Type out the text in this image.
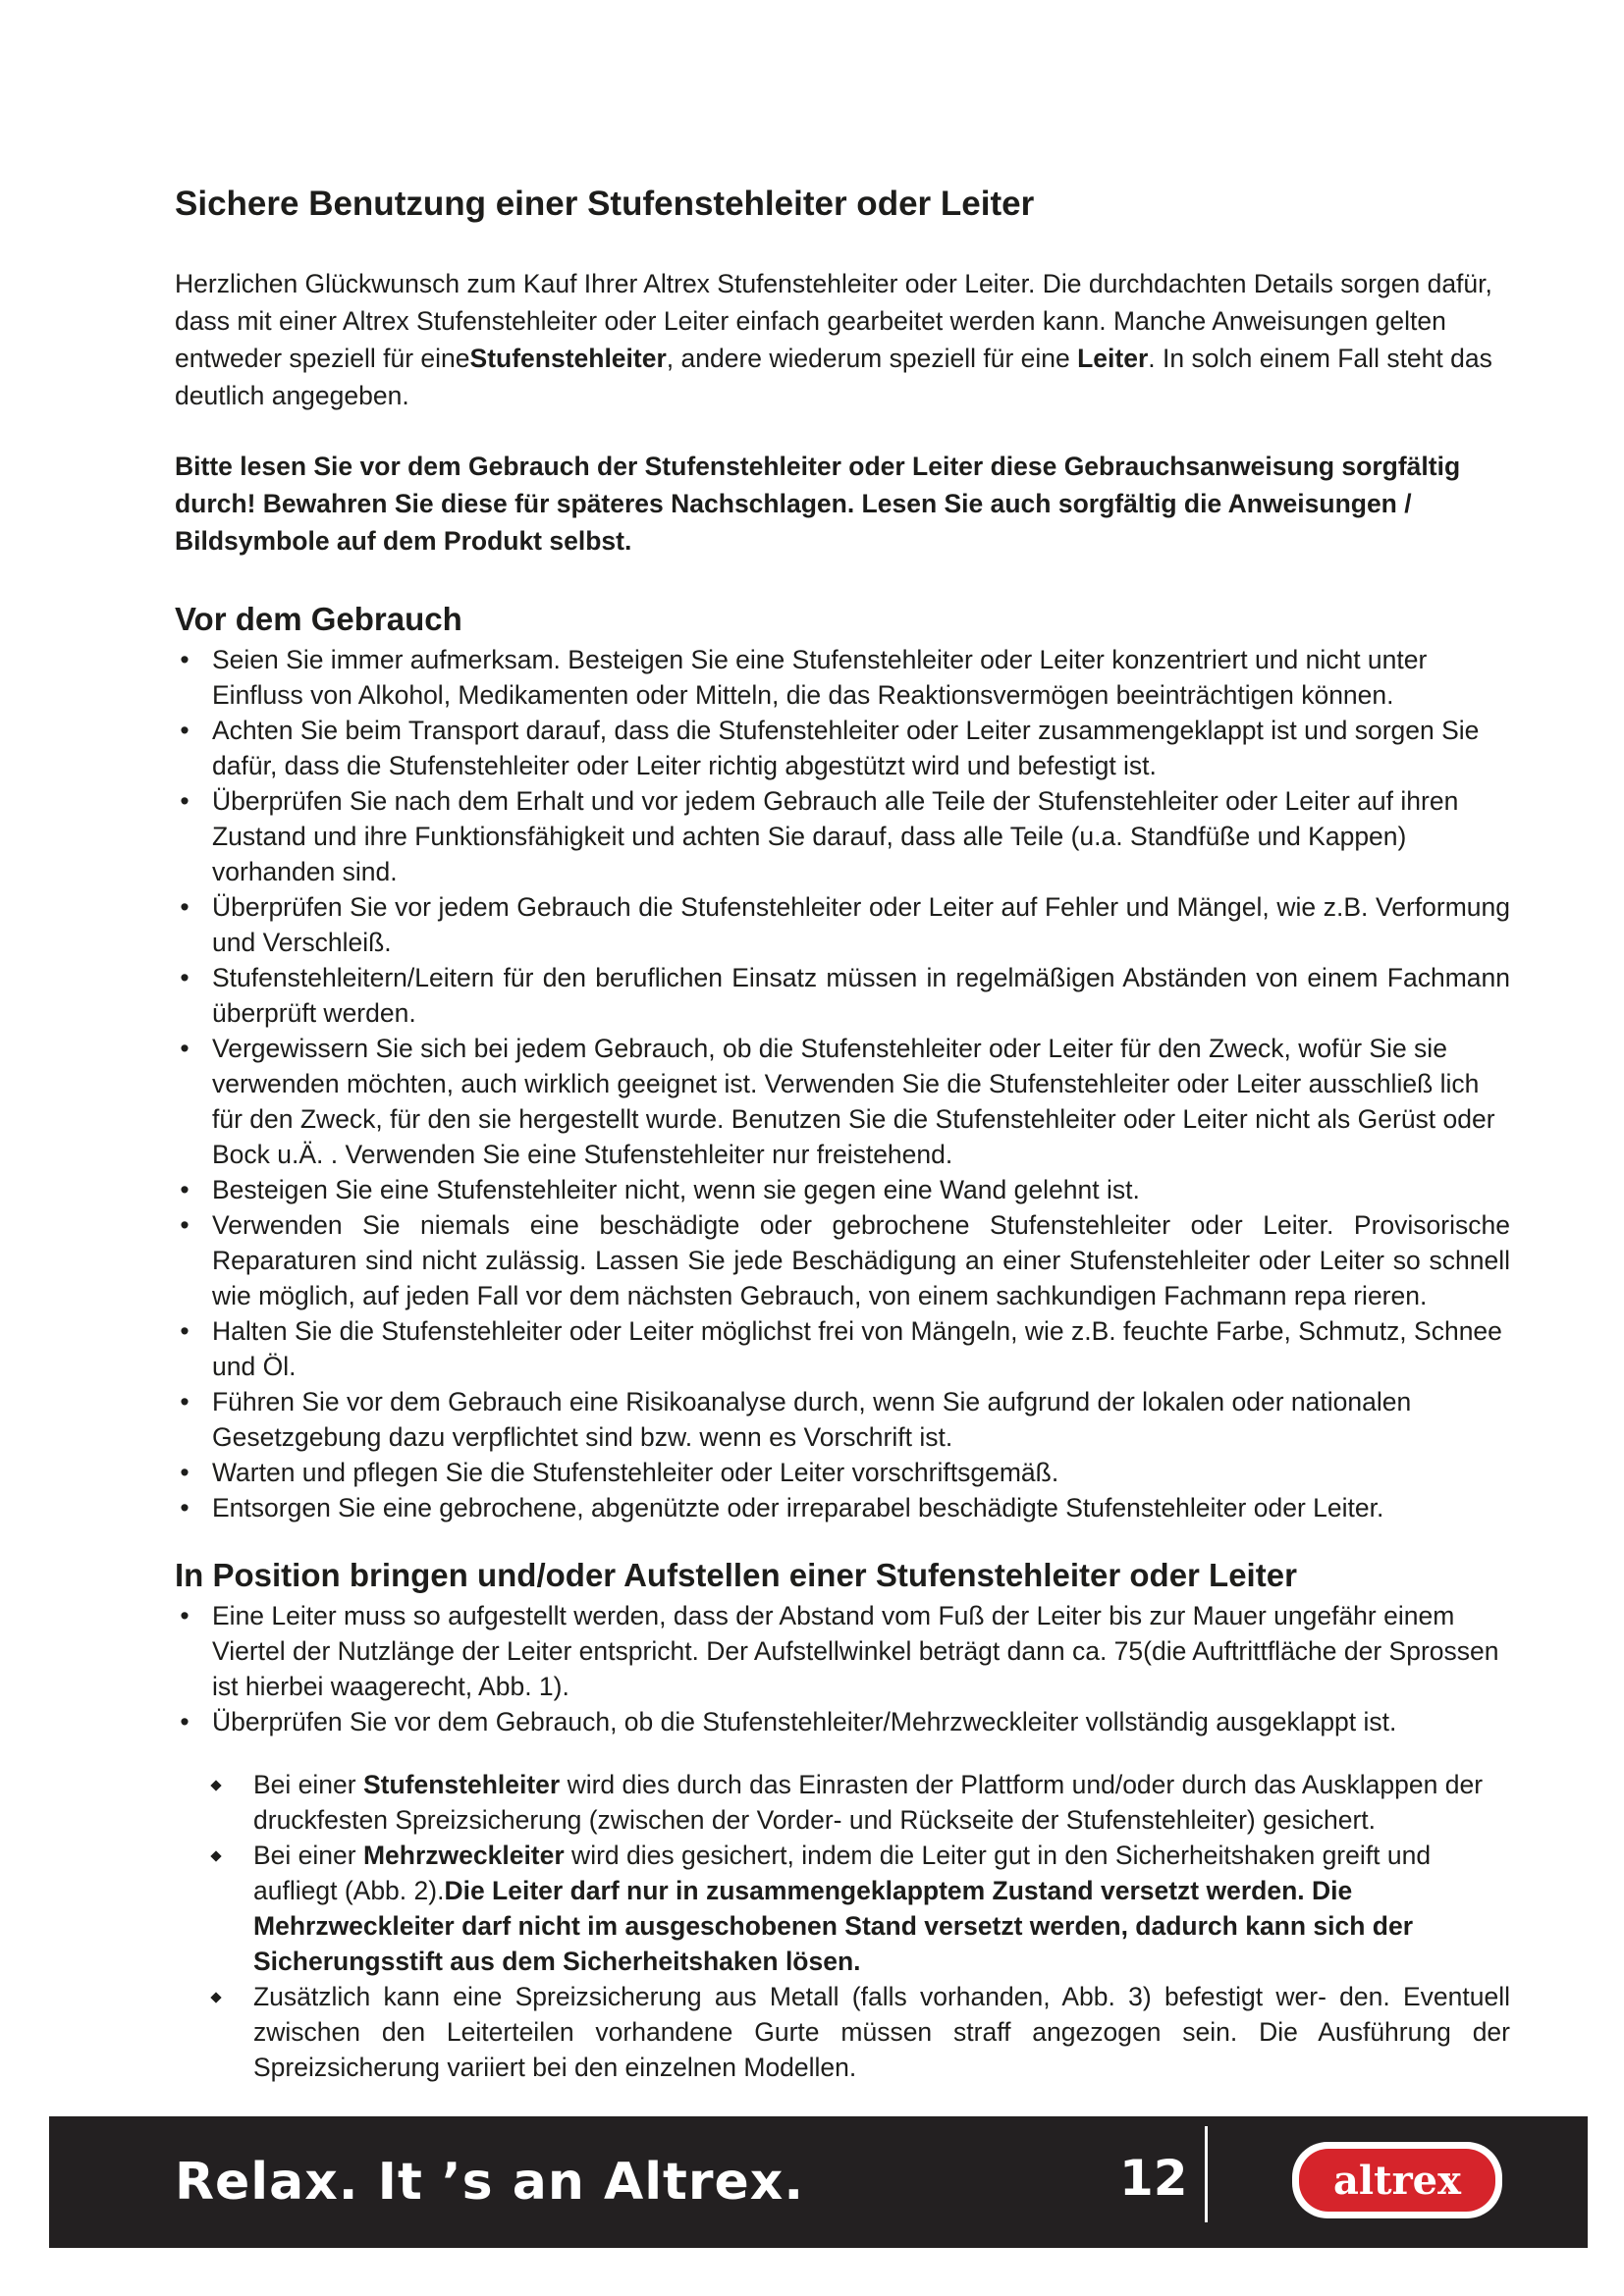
Sichere Benutzung einer Stufenstehleiter oder Leiter

Herzlichen Glückwunsch zum Kauf Ihrer Altrex Stufenstehleiter oder Leiter. Die durchdachten Details sorgen dafür, dass mit einer Altrex Stufenstehleiter oder Leiter einfach gearbeitet werden kann. Manche Anweisungen gelten entweder speziell für eineStufenstehleiter, andere wiederum speziell für eine Leiter. In solch einem Fall steht das deutlich angegeben.

Bitte lesen Sie vor dem Gebrauch der Stufenstehleiter oder Leiter diese Gebrauchsanweisung sorgfältig durch! Bewahren Sie diese für späteres Nachschlagen. Lesen Sie auch sorgfältig die Anweisungen / Bildsymbole auf dem Produkt selbst.

Vor dem Gebrauch
• Seien Sie immer aufmerksam. Besteigen Sie eine Stufenstehleiter oder Leiter konzentriert und nicht unter Einfluss von Alkohol, Medikamenten oder Mitteln, die das Reaktionsvermögen beeinträchtigen können.
• Achten Sie beim Transport darauf, dass die Stufenstehleiter oder Leiter zusammengeklappt ist und sorgen Sie dafür, dass die Stufenstehleiter oder Leiter richtig abgestützt wird und befestigt ist.
• Überprüfen Sie nach dem Erhalt und vor jedem Gebrauch alle Teile der Stufenstehleiter oder Leiter auf ihren Zustand und ihre Funktionsfähigkeit und achten Sie darauf, dass alle Teile (u.a. Standfüße und Kappen) vorhanden sind.
• Überprüfen Sie vor jedem Gebrauch die Stufenstehleiter oder Leiter auf Fehler und Mängel, wie z.B. Verformung und Verschleiß.
• Stufenstehleitern/Leitern für den beruflichen Einsatz müssen in regelmäßigen Abständen von einem Fachmann überprüft werden.
• Vergewissern Sie sich bei jedem Gebrauch, ob die Stufenstehleiter oder Leiter für den Zweck, wofür Sie sie verwenden möchten, auch wirklich geeignet ist. Verwenden Sie die Stufenstehleiter oder Leiter ausschließ lich für den Zweck, für den sie hergestellt wurde. Benutzen Sie die Stufenstehleiter oder Leiter nicht als Gerüst oder Bock u.Ä. . Verwenden Sie eine Stufenstehleiter nur freistehend.
• Besteigen Sie eine Stufenstehleiter nicht, wenn sie gegen eine Wand gelehnt ist.
• Verwenden Sie niemals eine beschädigte oder gebrochene Stufenstehleiter oder Leiter. Provisorische Reparaturen sind nicht zulässig. Lassen Sie jede Beschädigung an einer Stufenstehleiter oder Leiter so schnell wie möglich, auf jeden Fall vor dem nächsten Gebrauch, von einem sachkundigen Fachmann repa rieren.
• Halten Sie die Stufenstehleiter oder Leiter möglichst frei von Mängeln, wie z.B. feuchte Farbe, Schmutz, Schnee und Öl.
• Führen Sie vor dem Gebrauch eine Risikoanalyse durch, wenn Sie aufgrund der lokalen oder nationalen Gesetzgebung dazu verpflichtet sind bzw. wenn es Vorschrift ist.
• Warten und pflegen Sie die Stufenstehleiter oder Leiter vorschriftsgemäß.
• Entsorgen Sie eine gebrochene, abgenützte oder irreparabel beschädigte Stufenstehleiter oder Leiter.
In Position bringen und/oder Aufstellen einer Stufenstehleiter oder Leiter
• Eine Leiter muss so aufgestellt werden, dass der Abstand vom Fuß der Leiter bis zur Mauer ungefähr einem Viertel der Nutzlänge der Leiter entspricht. Der Aufstellwinkel beträgt dann ca. 75(die Auftrittfläche der Sprossen ist hierbei waagerecht, Abb. 1).
• Überprüfen Sie vor dem Gebrauch, ob die Stufenstehleiter/Mehrzweckleiter vollständig ausgeklappt ist.
Bei einer Stufenstehleiter wird dies durch das Einrasten der Plattform und/oder durch das Ausklappen der druckfesten Spreizsicherung (zwischen der Vorder- und Rückseite der Stufenstehleiter) gesichert.
Bei einer Mehrzweckleiter wird dies gesichert, indem die Leiter gut in den Sicherheitshaken greift und aufliegt (Abb. 2).Die Leiter darf nur in zusammengeklapptem Zustand versetzt werden. Die Mehrzweckleiter darf nicht im ausgeschobenen Stand versetzt werden, dadurch kann sich der Sicherungsstift aus dem Sicherheitshaken lösen.
Zusätzlich kann eine Spreizsicherung aus Metall (falls vorhanden, Abb. 3) befestigt wer- den. Eventuell zwischen den Leiterteilen vorhandene Gurte müssen straff angezogen sein. Die Ausführung der Spreizsicherung variiert bei den einzelnen Modellen.
Relax. It ’s an Altrex.	12	altrex
